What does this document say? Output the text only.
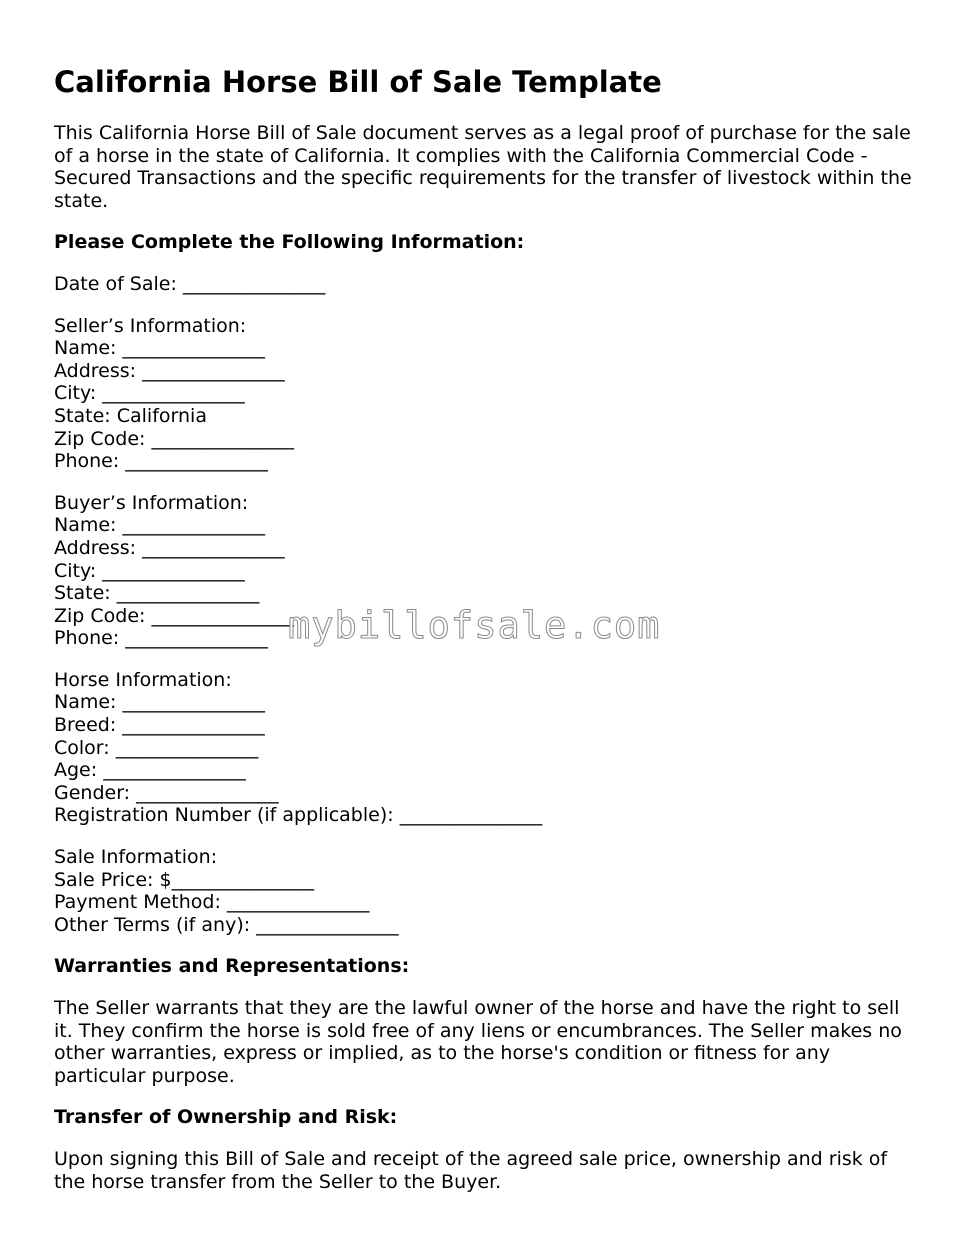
California Horse Bill of Sale Template

This California Horse Bill of Sale document serves as a legal proof of purchase for the sale of a horse in the state of California. It complies with the California Commercial Code - Secured Transactions and the specific requirements for the transfer of livestock within the state.

Please Complete the Following Information:
Date of Sale: _______________
Seller’s Information:
Name: _______________
Address: _______________
City: _______________
State: California
Zip Code: _______________
Phone: _______________
Buyer’s Information:
Name: _______________
Address: _______________
City: _______________
State: _______________
Zip Code: _______________
Phone: _______________
Horse Information:
Name: _______________
Breed: _______________
Color: _______________
Age: _______________
Gender: _______________
Registration Number (if applicable): _______________
Sale Information:
Sale Price: $_______________
Payment Method: _______________
Other Terms (if any): _______________
Warranties and Representations:

The Seller warrants that they are the lawful owner of the horse and have the right to sell it. They confirm the horse is sold free of any liens or encumbrances. The Seller makes no other warranties, express or implied, as to the horse's condition or fitness for any particular purpose.

Transfer of Ownership and Risk:

Upon signing this Bill of Sale and receipt of the agreed sale price, ownership and risk of the horse transfer from the Seller to the Buyer.

mybillofsale.com
